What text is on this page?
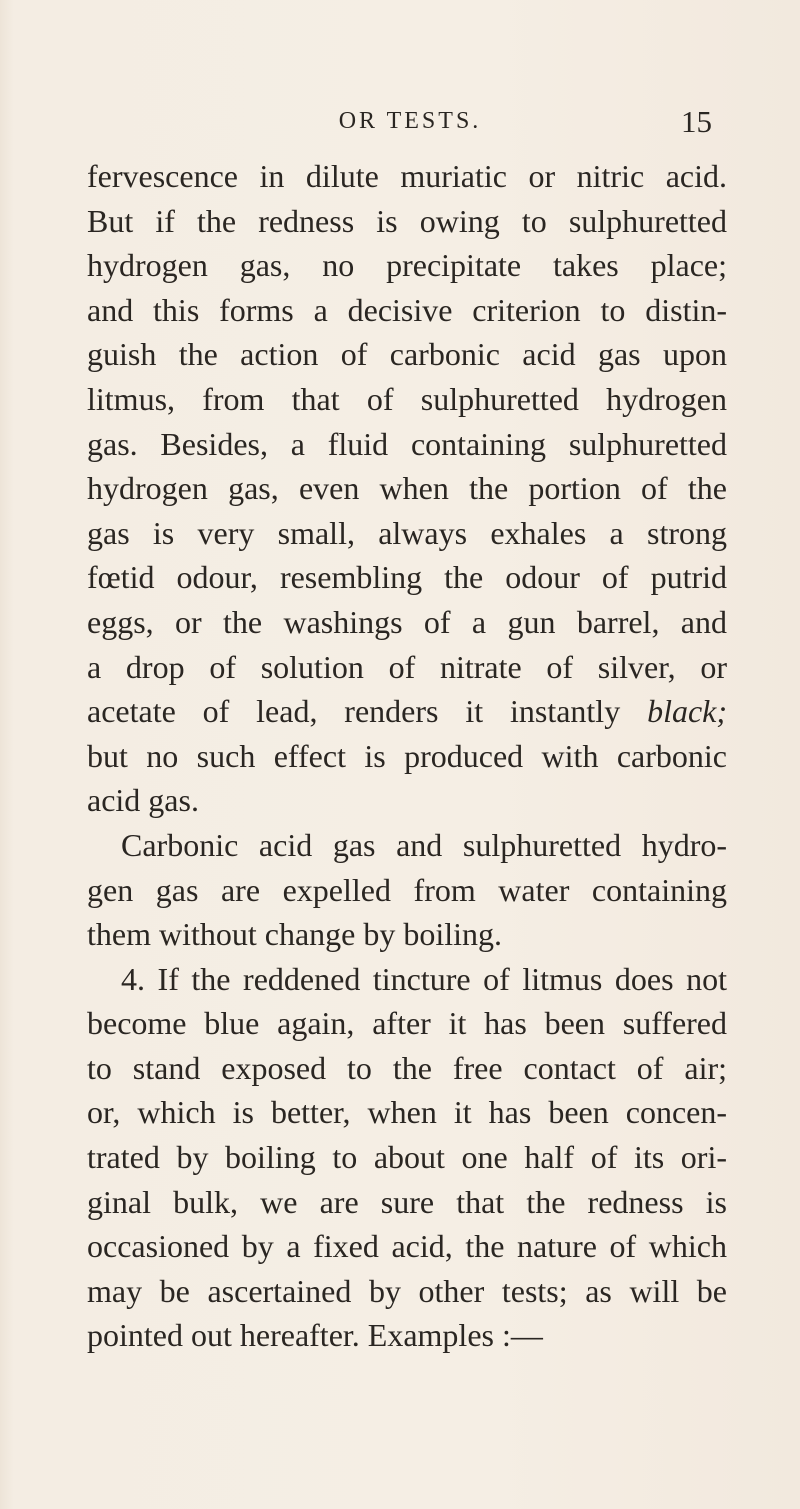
OR TESTS.	15
fervescence in dilute muriatic or nitric acid.
But if the redness is owing to sulphuretted
hydrogen gas, no precipitate takes place;
and this forms a decisive criterion to distin-
guish the action of carbonic acid gas upon
litmus, from that of sulphuretted hydrogen
gas. Besides, a fluid containing sulphuretted
hydrogen gas, even when the portion of the
gas is very small, always exhales a strong
fœtid odour, resembling the odour of putrid
eggs, or the washings of a gun barrel, and
a drop of solution of nitrate of silver, or
acetate of lead, renders it instantly black;
but no such effect is produced with carbonic
acid gas.
Carbonic acid gas and sulphuretted hydro-
gen gas are expelled from water containing
them without change by boiling.
4. If the reddened tincture of litmus does not
become blue again, after it has been suffered
to stand exposed to the free contact of air;
or, which is better, when it has been concen-
trated by boiling to about one half of its ori-
ginal bulk, we are sure that the redness is
occasioned by a fixed acid, the nature of which
may be ascertained by other tests; as will be
pointed out hereafter. Examples :—
